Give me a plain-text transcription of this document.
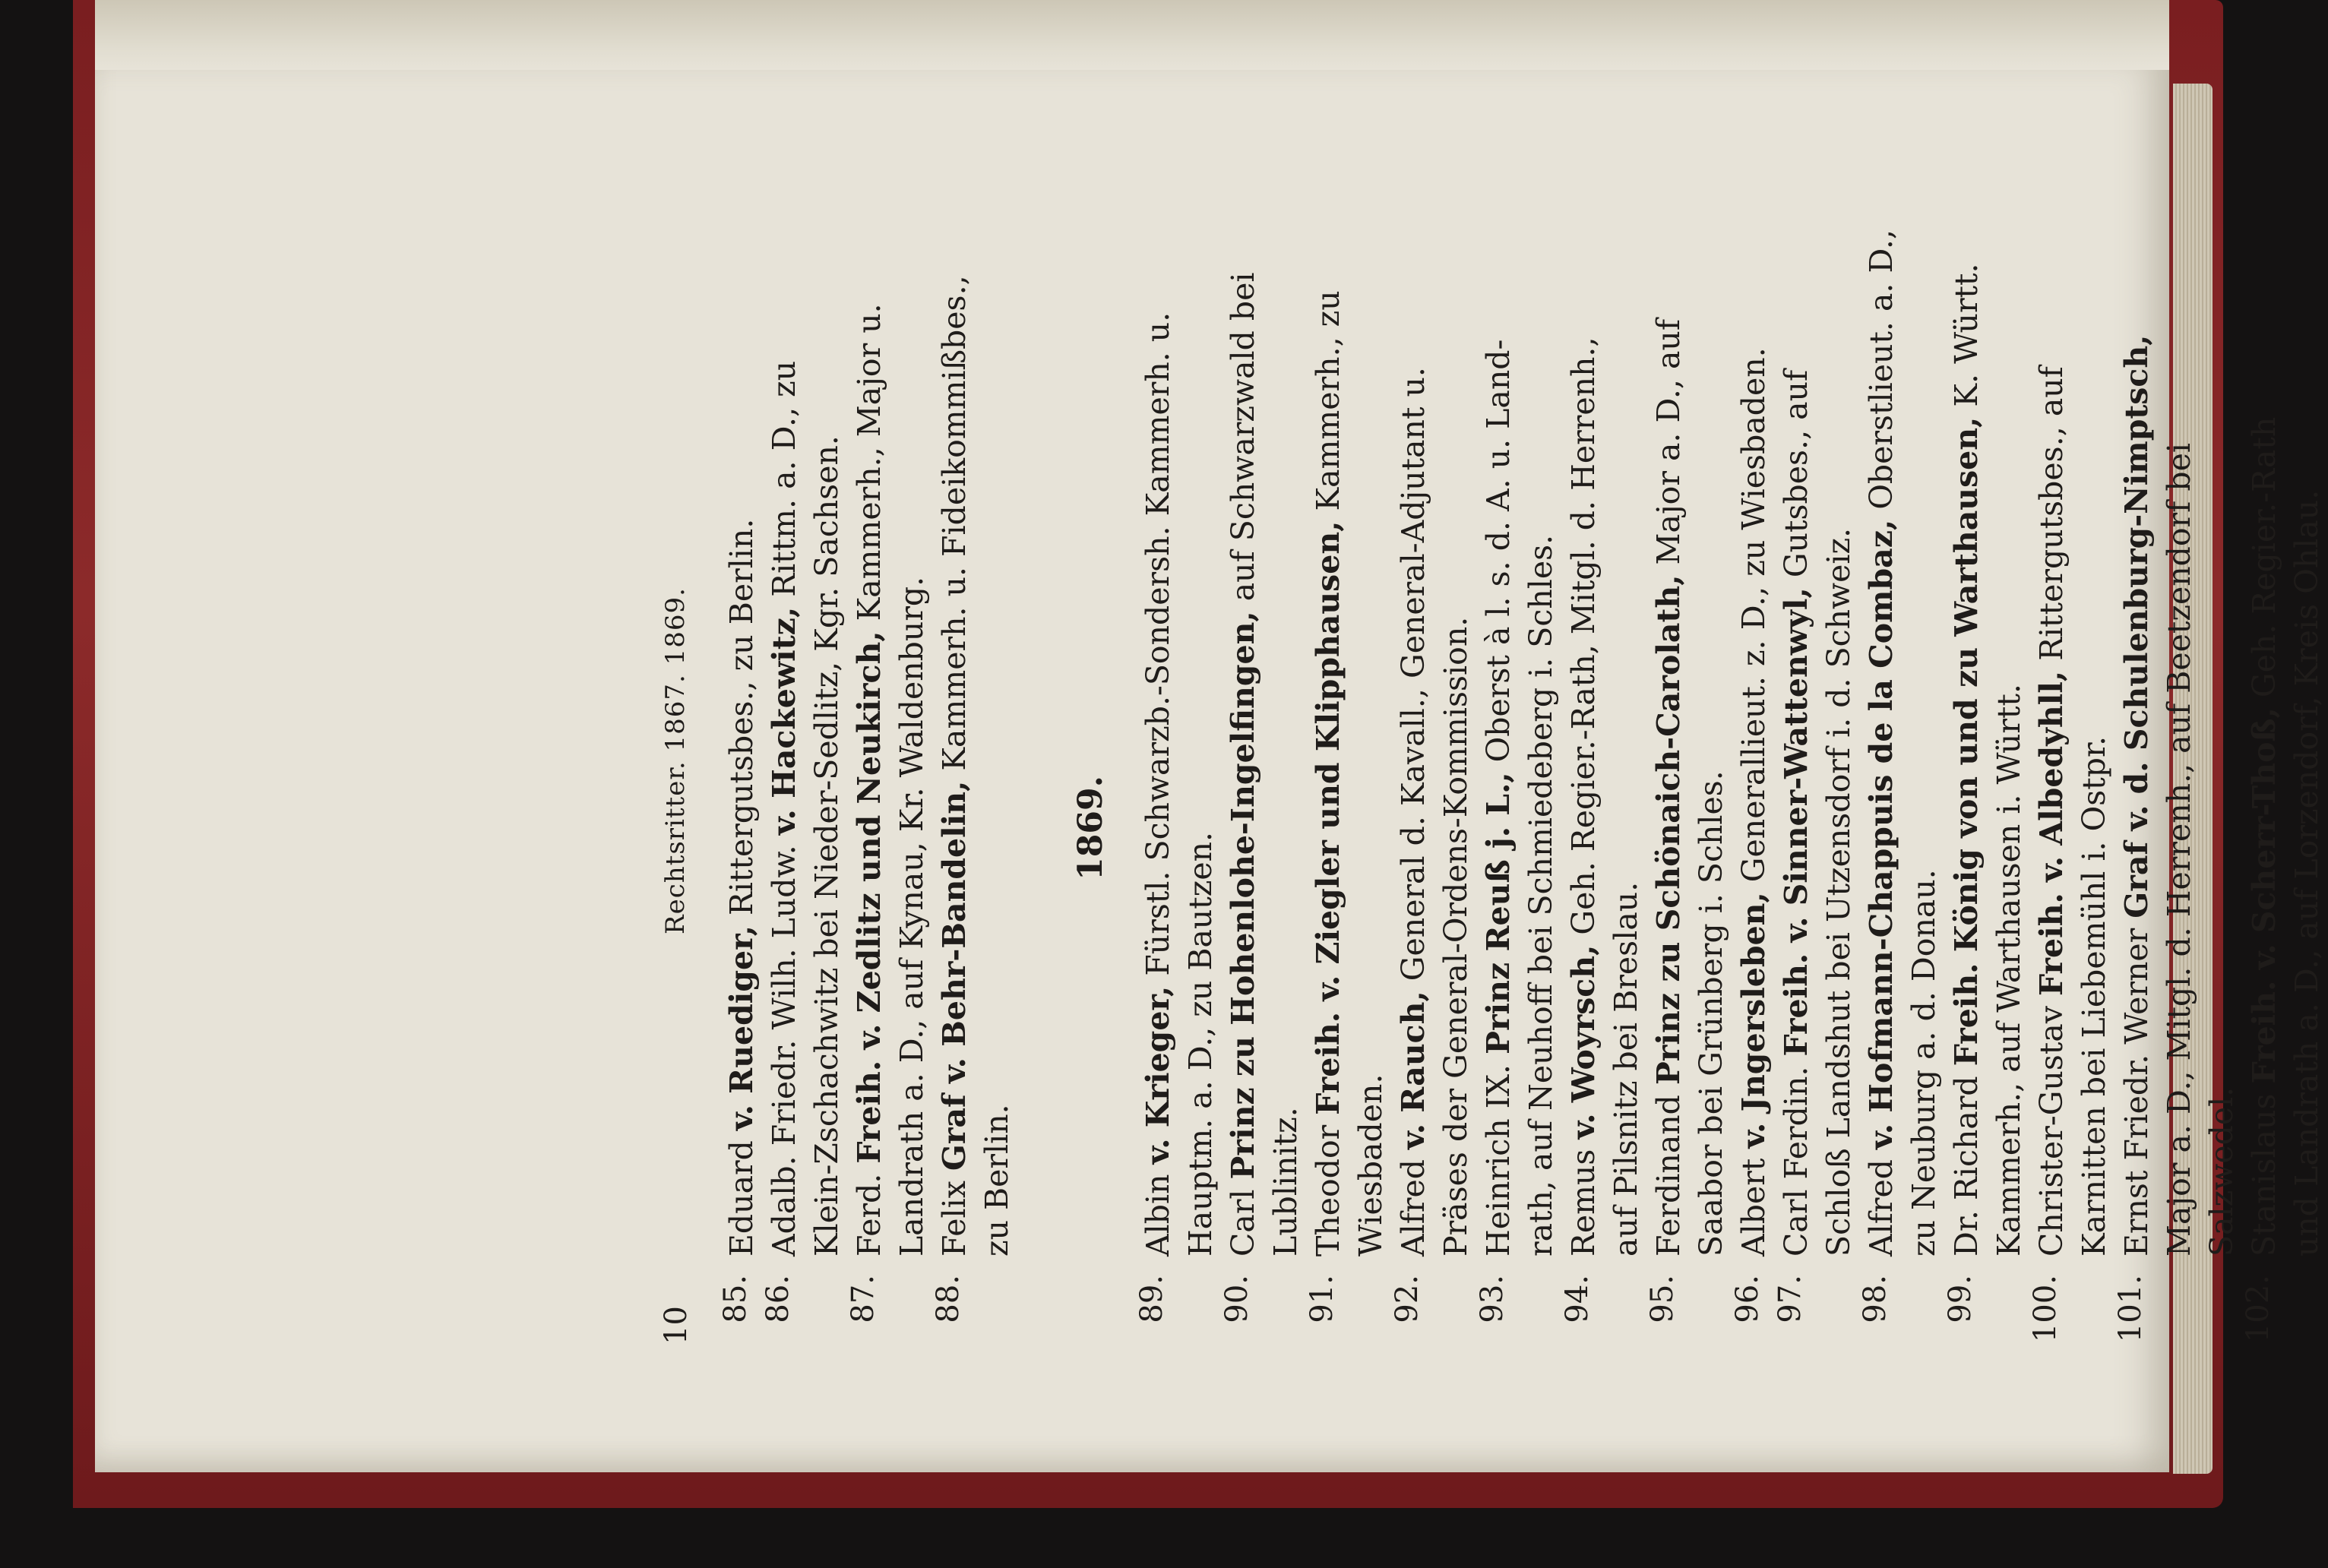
10
Rechtsritter. 1867. 1869.
85.
Eduard v. Ruediger, Rittergutsbes., zu Berlin.
86.
Adalb. Friedr. Wilh. Ludw. v. Hackewitz, Rittm. a. D., zu Klein-Zschachwitz bei Nieder-Sedlitz, Kgr. Sachsen.
87.
Ferd. Freih. v. Zedlitz und Neukirch, Kammerh., Major u.
Landrath a. D., auf Kynau, Kr. Waldenburg.
88.
Felix Graf v. Behr-Bandelin, Kammerh. u. Fideikommißbes.,
zu Berlin.
1869.
89.
Albin v. Krieger, Fürstl. Schwarzb.-Sondersh. Kammerh. u.
Hauptm. a. D., zu Bautzen.
90.
Carl Prinz zu Hohenlohe-Ingelfingen, auf Schwarzwald bei
Lublinitz.
91.
Theodor Freih. v. Ziegler und Klipphausen, Kammerh., zu
Wiesbaden.
92.
Alfred v. Rauch, General d. Kavall., General-Adjutant u. Präses der General-Ordens-Kommission.
93.
Heinrich IX. Prinz Reuß j. L., Oberst à l. s. d. A. u. Land- rath, auf Neuhoff bei Schmiedeberg i. Schles.
94.
Remus v. Woyrsch, Geh. Regier.-Rath, Mitgl. d. Herrenh.,
auf Pilsnitz bei Breslau.
95.
Ferdinand Prinz zu Schönaich-Carolath, Major a. D., auf
Saabor bei Grünberg i. Schles.
96.
Albert v. Jngersleben, Generallieut. z. D., zu Wiesbaden.
97.
Carl Ferdin. Freih. v. Sinner-Wattenwyl, Gutsbes., auf
Schloß Landshut bei Utzensdorf i. d. Schweiz.
98.
Alfred v. Hofmann-Chappuis de la Combaz, Oberstlieut. a. D.,
zu Neuburg a. d. Donau.
99.
Dr. Richard Freih. König von und zu Warthausen, K. Württ.
Kammerh., auf Warthausen i. Württ.
100.
Christer-Gustav Freih. v. Albedyhll, Rittergutsbes., auf
Karnitten bei Liebemühl i. Ostpr.
101.
Ernst Friedr. Werner Graf v. d. Schulenburg-Nimptsch, Major a. D., Mitgl. d. Herrenh., auf Beetzendorf bei Salzwedel.
102.
Stanislaus Freih. v. Scherr-Thoß, Geh. Regier.-Rath und Landrath a. D., auf Lorzendorf, Kreis Ohlau.
